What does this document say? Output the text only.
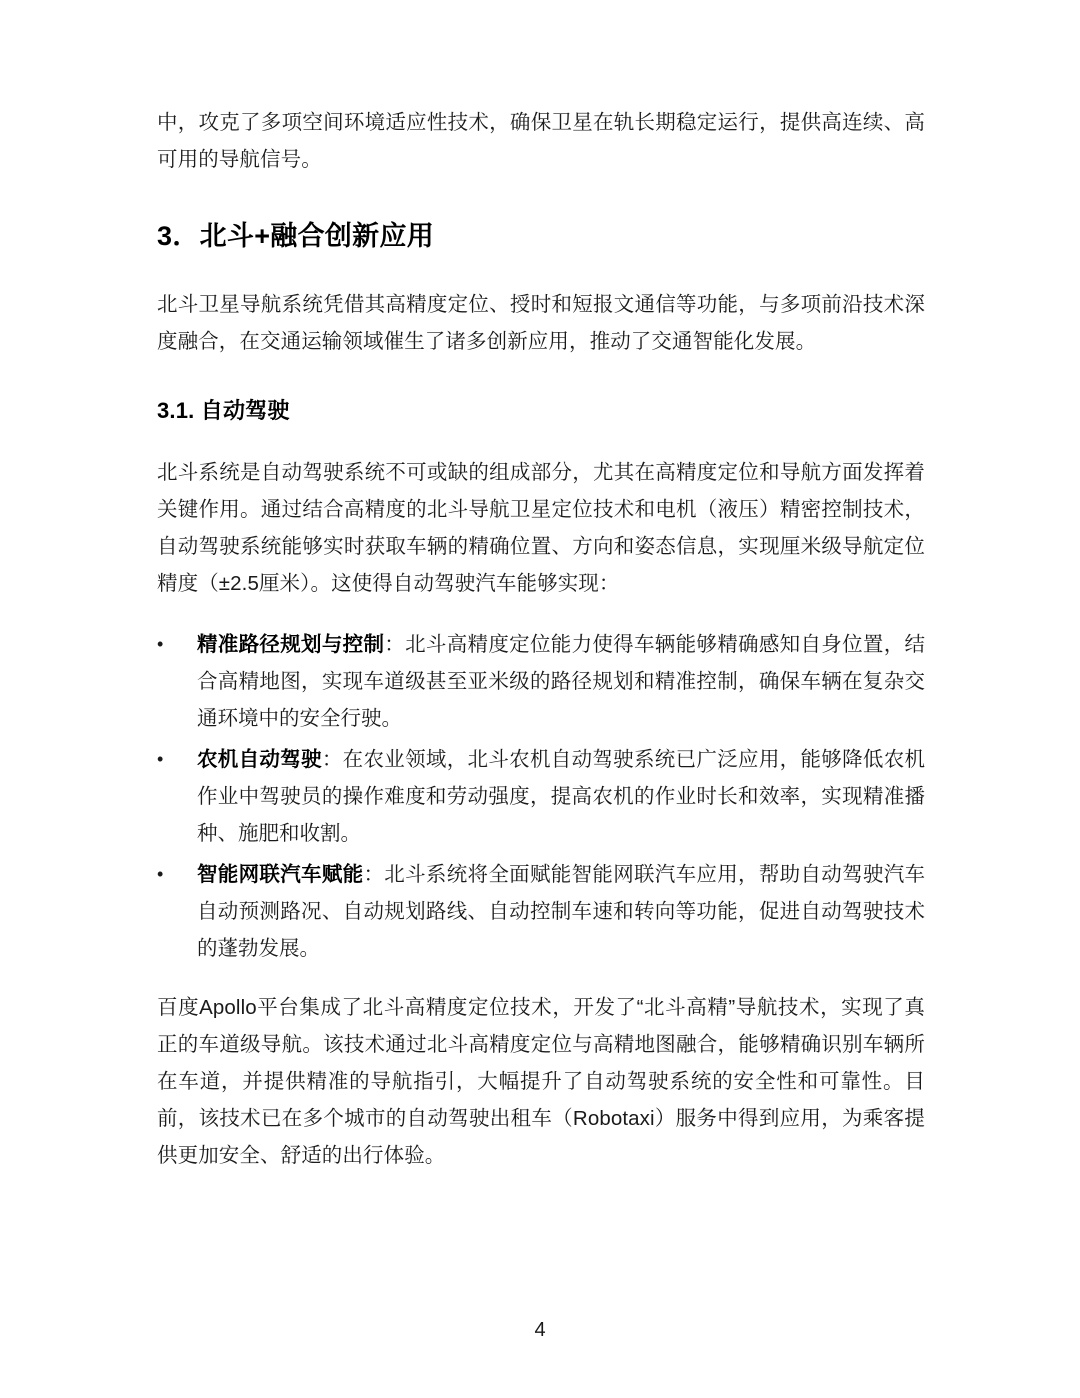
中，攻克了多项空间环境适应性技术，确保卫星在轨长期稳定运行，提供高连续、高可用的导航信号。

3．北斗+融合创新应用

北斗卫星导航系统凭借其高精度定位、授时和短报文通信等功能，与多项前沿技术深度融合，在交通运输领域催生了诸多创新应用，推动了交通智能化发展。

3.1. 自动驾驶

北斗系统是自动驾驶系统不可或缺的组成部分，尤其在高精度定位和导航方面发挥着关键作用。通过结合高精度的北斗导航卫星定位技术和电机（液压）精密控制技术，自动驾驶系统能够实时获取车辆的精确位置、方向和姿态信息，实现厘米级导航定位精度（±2.5厘米）。这使得自动驾驶汽车能够实现：

•	精准路径规划与控制：北斗高精度定位能力使得车辆能够精确感知自身位置，结合高精地图，实现车道级甚至亚米级的路径规划和精准控制，确保车辆在复杂交通环境中的安全行驶。
•	农机自动驾驶：在农业领域，北斗农机自动驾驶系统已广泛应用，能够降低农机作业中驾驶员的操作难度和劳动强度，提高农机的作业时长和效率，实现精准播种、施肥和收割。
•	智能网联汽车赋能：北斗系统将全面赋能智能网联汽车应用，帮助自动驾驶汽车自动预测路况、自动规划路线、自动控制车速和转向等功能，促进自动驾驶技术的蓬勃发展。

百度Apollo平台集成了北斗高精度定位技术，开发了“北斗高精”导航技术，实现了真正的车道级导航。该技术通过北斗高精度定位与高精地图融合，能够精确识别车辆所在车道，并提供精准的导航指引，大幅提升了自动驾驶系统的安全性和可靠性。目前，该技术已在多个城市的自动驾驶出租车（Robotaxi）服务中得到应用，为乘客提供更加安全、舒适的出行体验。

4
